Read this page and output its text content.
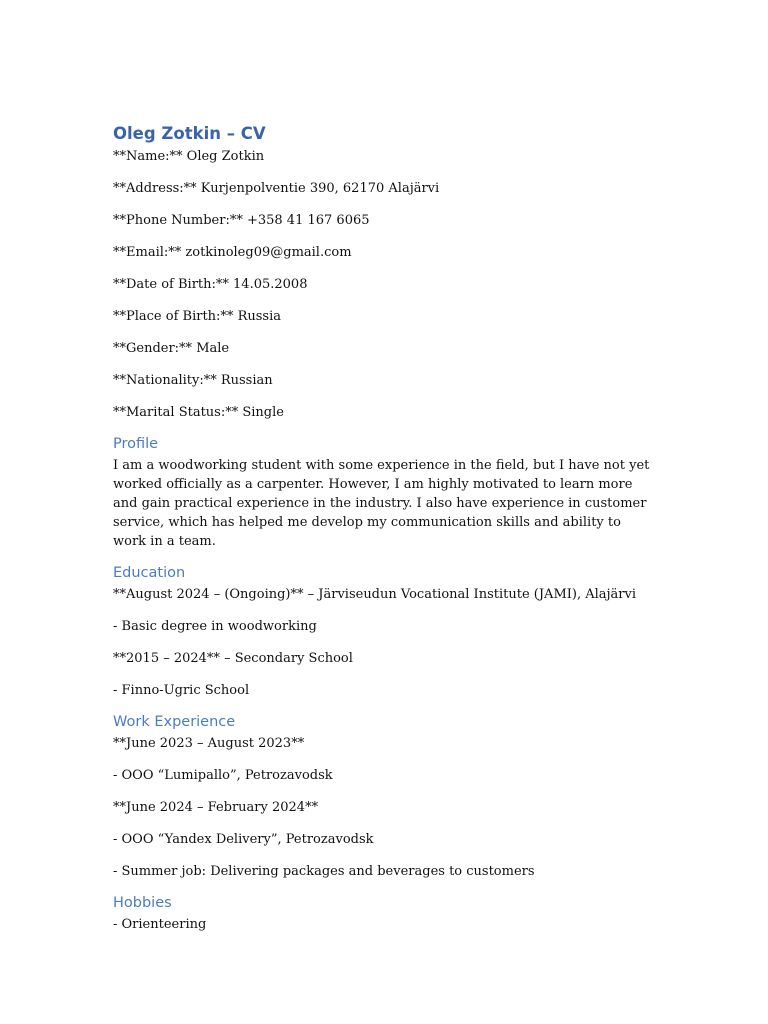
Oleg Zotkin – CV

**Name:** Oleg Zotkin

**Address:** Kurjenpolventie 390, 62170 Alajärvi

**Phone Number:** +358 41 167 6065

**Email:** zotkinoleg09@gmail.com

**Date of Birth:** 14.05.2008

**Place of Birth:** Russia

**Gender:** Male

**Nationality:** Russian

**Marital Status:** Single

Profile

I am a woodworking student with some experience in the field, but I have not yet worked officially as a carpenter. However, I am highly motivated to learn more and gain practical experience in the industry. I also have experience in customer service, which has helped me develop my communication skills and ability to work in a team.

Education

**August 2024 – (Ongoing)** – Järviseudun Vocational Institute (JAMI), Alajärvi

- Basic degree in woodworking

**2015 – 2024** – Secondary School

- Finno-Ugric School

Work Experience

**June 2023 – August 2023**

- OOO “Lumipallo”, Petrozavodsk

**June 2024 – February 2024**

- OOO “Yandex Delivery”, Petrozavodsk

- Summer job: Delivering packages and beverages to customers

Hobbies

- Orienteering
